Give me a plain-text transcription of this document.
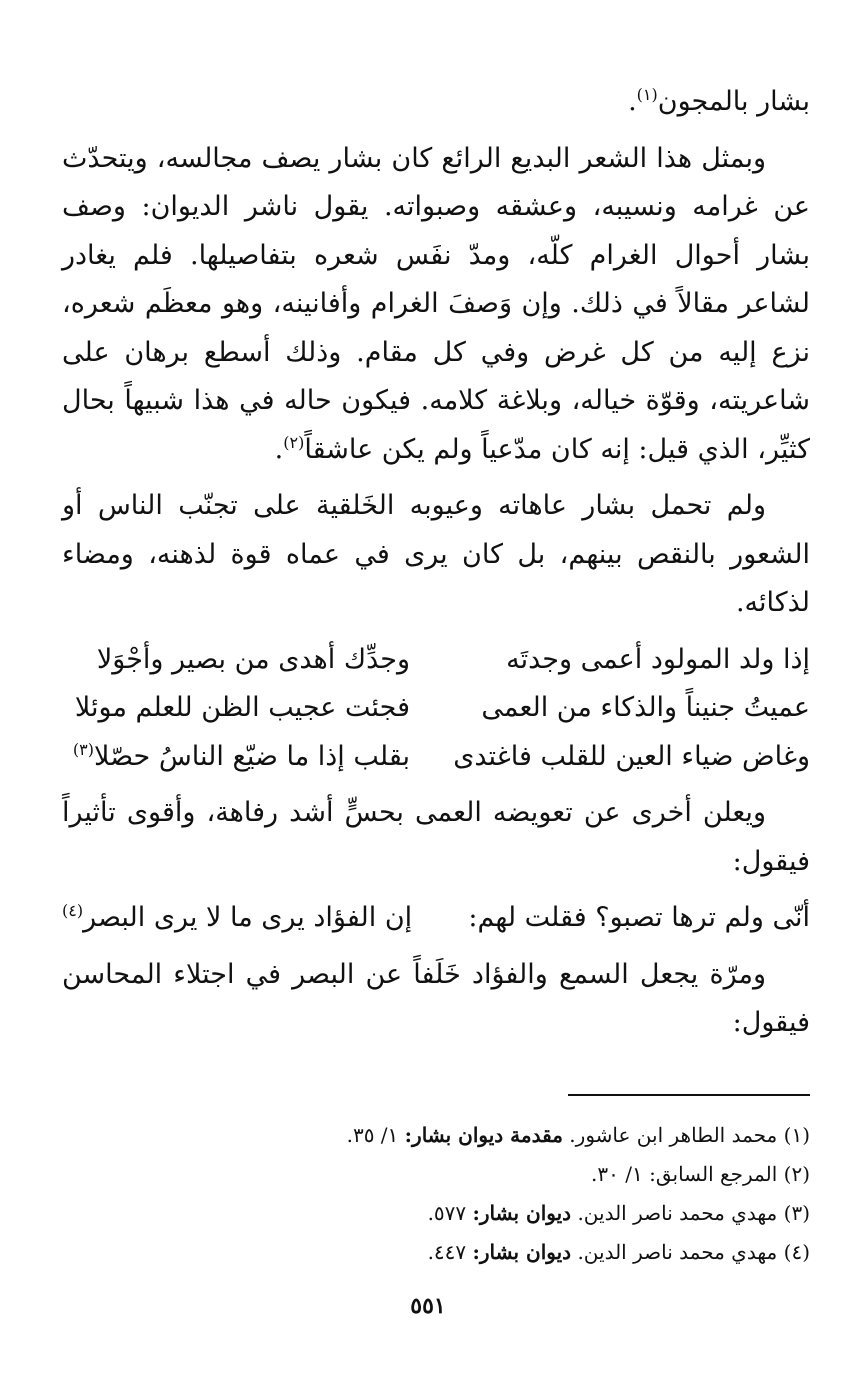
بشار بالمجون$^{(١)}$.

وبمثل هذا الشعر البديع الرائع كان بشار يصف مجالسه، ويتحدّث عن غرامه ونسيبه، وعشقه وصبواته. يقول ناشر الديوان: وصف بشار أحوال الغرام كلّه، ومدّ نفَس شعره بتفاصيلها. فلم يغادر لشاعر مقالاً في ذلك. وإن وَصفَ الغرام وأفانينه، وهو معظَم شعره، نزع إليه من كل غرض وفي كل مقام. وذلك أسطع برهان على شاعريته، وقوّة خياله، وبلاغة كلامه. فيكون حاله في هذا شبيهاً بحال كثيِّر، الذي قيل: إنه كان مدّعياً ولم يكن عاشقاً$^{(٢)}$.

ولم تحمل بشار عاهاته وعيوبه الخَلقية على تجنّب الناس أو الشعور بالنقص بينهم، بل كان يرى في عماه قوة لذهنه، ومضاء لذكائه.

إذا ولد المولود أعمى وجدتَه
وجدِّك أهدى من بصير وأجْوَلا
عميتُ جنيناً والذكاء من العمى
فجئت عجيب الظن للعلم موئلا
وغاض ضياء العين للقلب فاغتدى
بقلب إذا ما ضيّع الناسُ حصّلا$^{(٣)}$

ويعلن أخرى عن تعويضه العمى بحسٍّ أشد رفاهة، وأقوى تأثيراً فيقول:

أنّى ولم ترها تصبو؟ فقلت لهم:
إن الفؤاد يرى ما لا يرى البصر$^{(٤)}$

ومرّة يجعل السمع والفؤاد خَلَفاً عن البصر في اجتلاء المحاسن فيقول:

(١) محمد الطاهر ابن عاشور. مقدمة ديوان بشار: ١/ ٣٥.

(٢) المرجع السابق: ١/ ٣٠.

(٣) مهدي محمد ناصر الدين. ديوان بشار: ٥٧٧.

(٤) مهدي محمد ناصر الدين. ديوان بشار: ٤٤٧.

٥٥١
